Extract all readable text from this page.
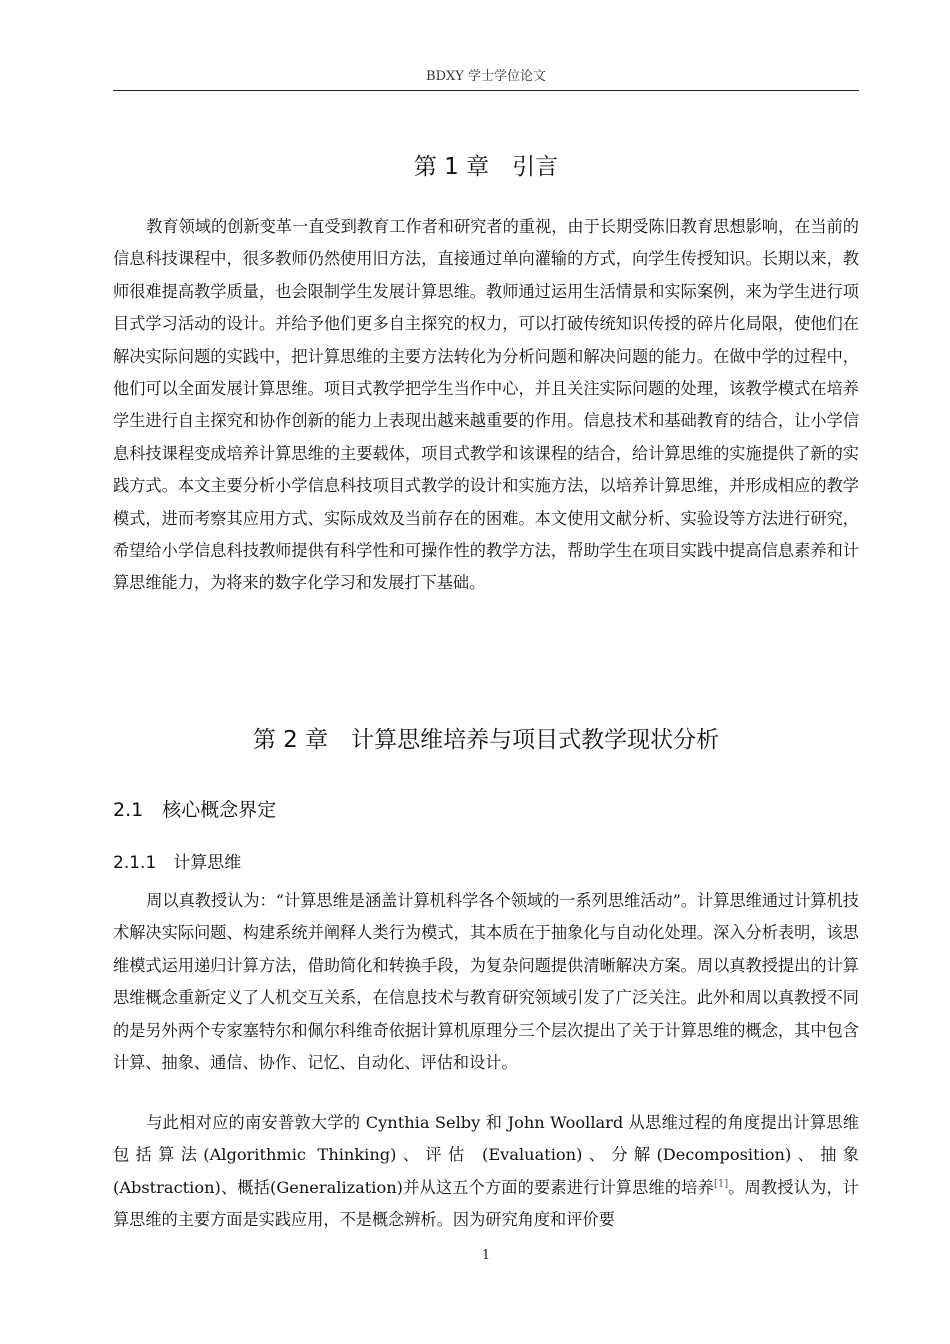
BDXY 学士学位论文
第 1 章　引言

教育领域的创新变革一直受到教育工作者和研究者的重视，由于长期受陈旧教育思想影响，在当前的信息科技课程中，很多教师仍然使用旧方法，直接通过单向灌输的方式，向学生传授知识。长期以来，教师很难提高教学质量，也会限制学生发展计算思维。教师通过运用生活情景和实际案例，来为学生进行项目式学习活动的设计。并给予他们更多自主探究的权力，可以打破传统知识传授的碎片化局限，使他们在解决实际问题的实践中，把计算思维的主要方法转化为分析问题和解决问题的能力。在做中学的过程中，他们可以全面发展计算思维。项目式教学把学生当作中心，并且关注实际问题的处理，该教学模式在培养学生进行自主探究和协作创新的能力上表现出越来越重要的作用。信息技术和基础教育的结合，让小学信息科技课程变成培养计算思维的主要载体，项目式教学和该课程的结合，给计算思维的实施提供了新的实践方式。本文主要分析小学信息科技项目式教学的设计和实施方法，以培养计算思维，并形成相应的教学模式，进而考察其应用方式、实际成效及当前存在的困难。本文使用文献分析、实验设等方法进行研究，希望给小学信息科技教师提供有科学性和可操作性的教学方法，帮助学生在项目实践中提高信息素养和计算思维能力，为将来的数字化学习和发展打下基础。

第 2 章　计算思维培养与项目式教学现状分析
2.1　核心概念界定
2.1.1　计算思维

周以真教授认为：“计算思维是涵盖计算机科学各个领域的一系列思维活动”。计算思维通过计算机技术解决实际问题、构建系统并阐释人类行为模式，其本质在于抽象化与自动化处理。深入分析表明，该思维模式运用递归计算方法，借助简化和转换手段，为复杂问题提供清晰解决方案。周以真教授提出的计算思维概念重新定义了人机交互关系，在信息技术与教育研究领域引发了广泛关注。此外和周以真教授不同的是另外两个专家塞特尔和佩尔科维奇依据计算机原理分三个层次提出了关于计算思维的概念，其中包含计算、抽象、通信、协作、记忆、自动化、评估和设计。

与此相对应的南安普敦大学的 Cynthia Selby 和 John Woollard 从思维过程的角度提出计算思维包括算法(Algorithmic Thinking)、评估 (Evaluation)、分解(Decomposition)、抽象(Abstraction)、概括(Generalization)并从这五个方面的要素进行计算思维的培养[1]。周教授认为，计算思维的主要方面是实践应用，不是概念辨析。因为研究角度和评价要

1
